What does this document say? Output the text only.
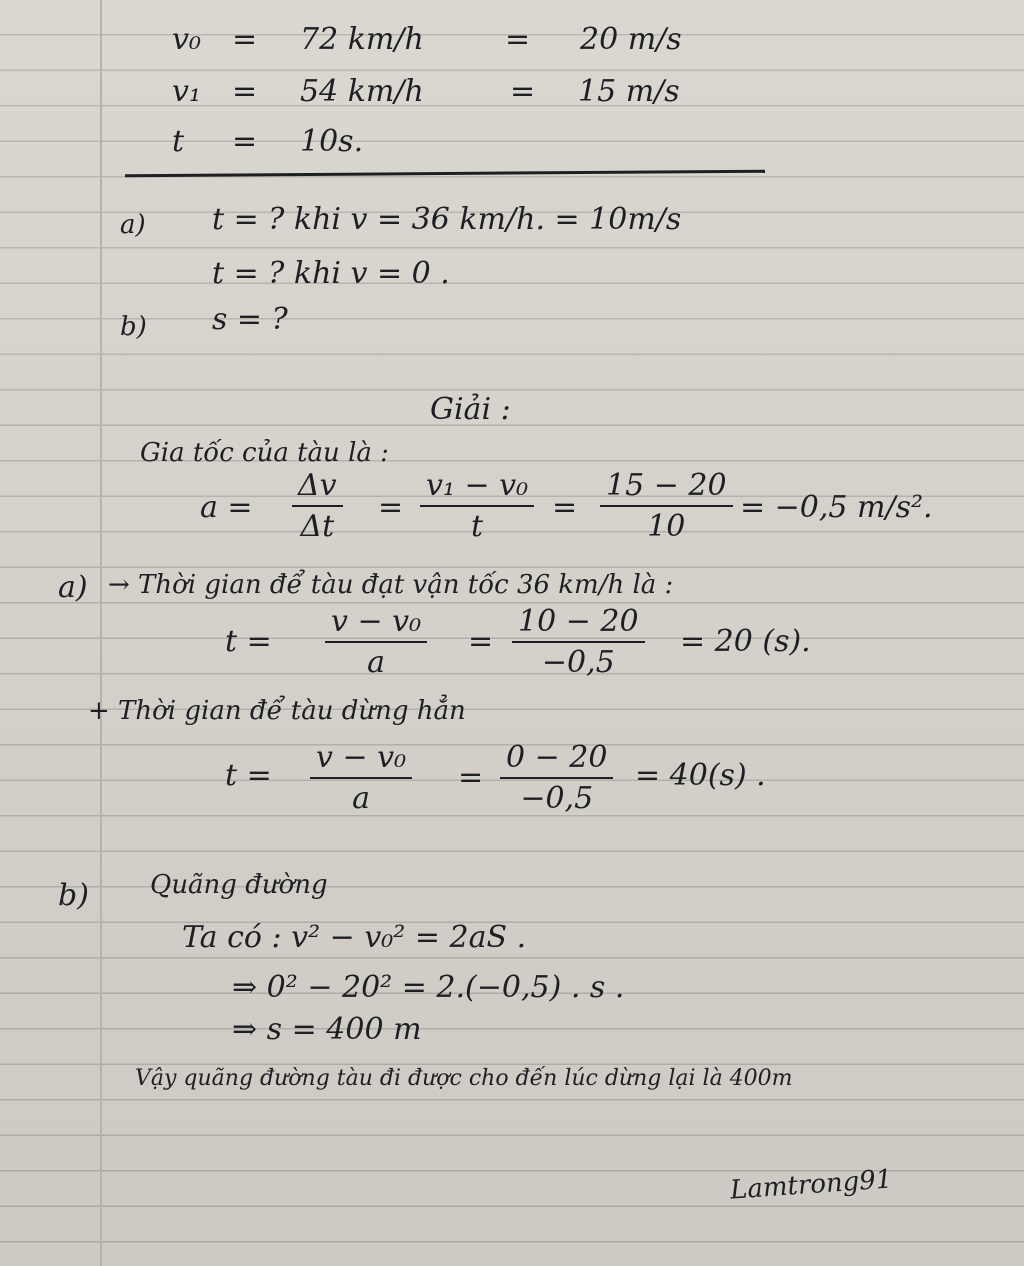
v₀ = 72 km/h	= 20 m/s
v₁ = 54 km/h	= 15 m/s
t = 10s.
a) t = ? khi v = 36 km/h. = 10m/s
t = ? khi v = 0 .
b) s = ?
Giải :
Gia tốc của tàu là :
$a = \frac{\Delta v}{\Delta t} = \frac{\text{v₁ − v₀}}{t} = \frac{15 - 20}{10} = -0,5$ m/s².
a) → Thời gian để tàu đạt vận tốc 36 km/h là :
$t = \frac{\text{v − v₀}}{a} = \frac{10 - 20}{-0,5} = 20$ (s).
+ Thời gian để tàu dừng hẳn
$t = \frac{\text{v − v₀}}{a} = \frac{0 - 20}{-0,5} = 40(s)$ .
b) Quãng đường
Ta có : v² − v₀² = 2aS .
⇒ 0² − 20² = 2.(−0,5) . s .
⇒ s = 400 m
Vậy quãng đường tàu đi được cho đến lúc dừng lại là 400m
Lamtrong91
